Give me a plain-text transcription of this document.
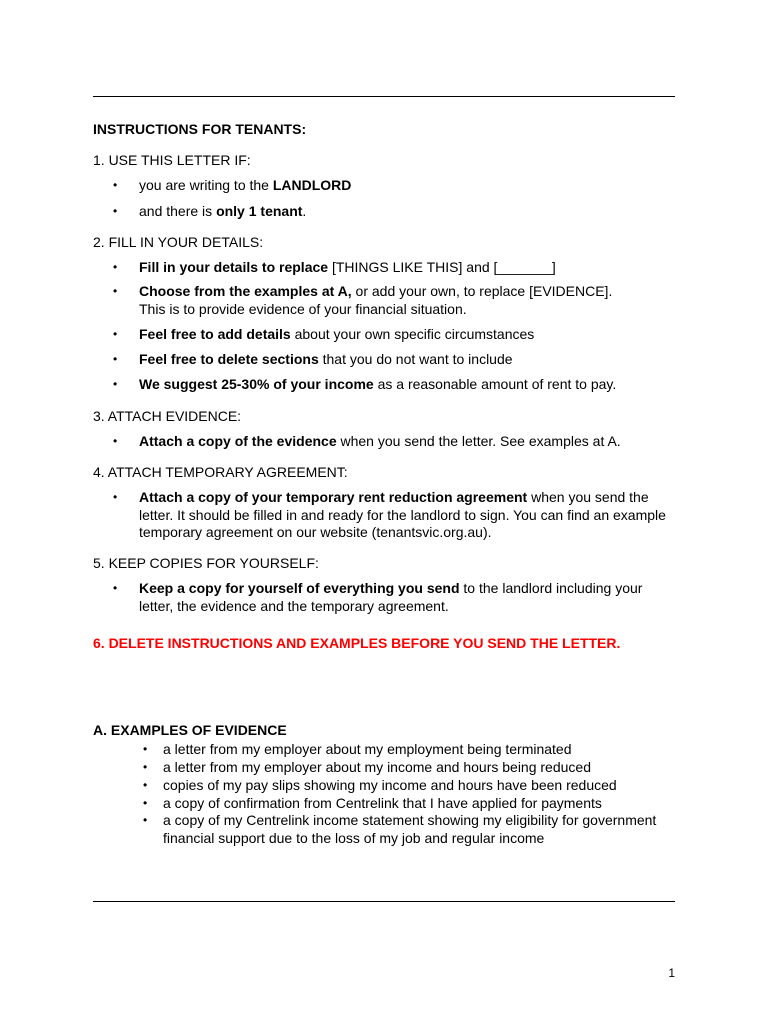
INSTRUCTIONS FOR TENANTS:
1. USE THIS LETTER IF:
•	you are writing to the LANDLORD
•	and there is only 1 tenant.
2. FILL IN YOUR DETAILS:
•	Fill in your details to replace [THINGS LIKE THIS] and [_______]
•	Choose from the examples at A, or add your own, to replace [EVIDENCE].
This is to provide evidence of your financial situation.
•	Feel free to add details about your own specific circumstances
•	Feel free to delete sections that you do not want to include
•	We suggest 25-30% of your income as a reasonable amount of rent to pay.
3. ATTACH EVIDENCE:
•	Attach a copy of the evidence when you send the letter. See examples at A.
4. ATTACH TEMPORARY AGREEMENT:
•	Attach a copy of your temporary rent reduction agreement when you send the letter. It should be filled in and ready for the landlord to sign. You can find an example temporary agreement on our website (tenantsvic.org.au).
5. KEEP COPIES FOR YOURSELF:
•	Keep a copy for yourself of everything you send to the landlord including your letter, the evidence and the temporary agreement.
6. DELETE INSTRUCTIONS AND EXAMPLES BEFORE YOU SEND THE LETTER.
A. EXAMPLES OF EVIDENCE
• a letter from my employer about my employment being terminated
• a letter from my employer about my income and hours being reduced
• copies of my pay slips showing my income and hours have been reduced
• a copy of confirmation from Centrelink that I have applied for payments
• a copy of my Centrelink income statement showing my eligibility for government financial support due to the loss of my job and regular income
1
